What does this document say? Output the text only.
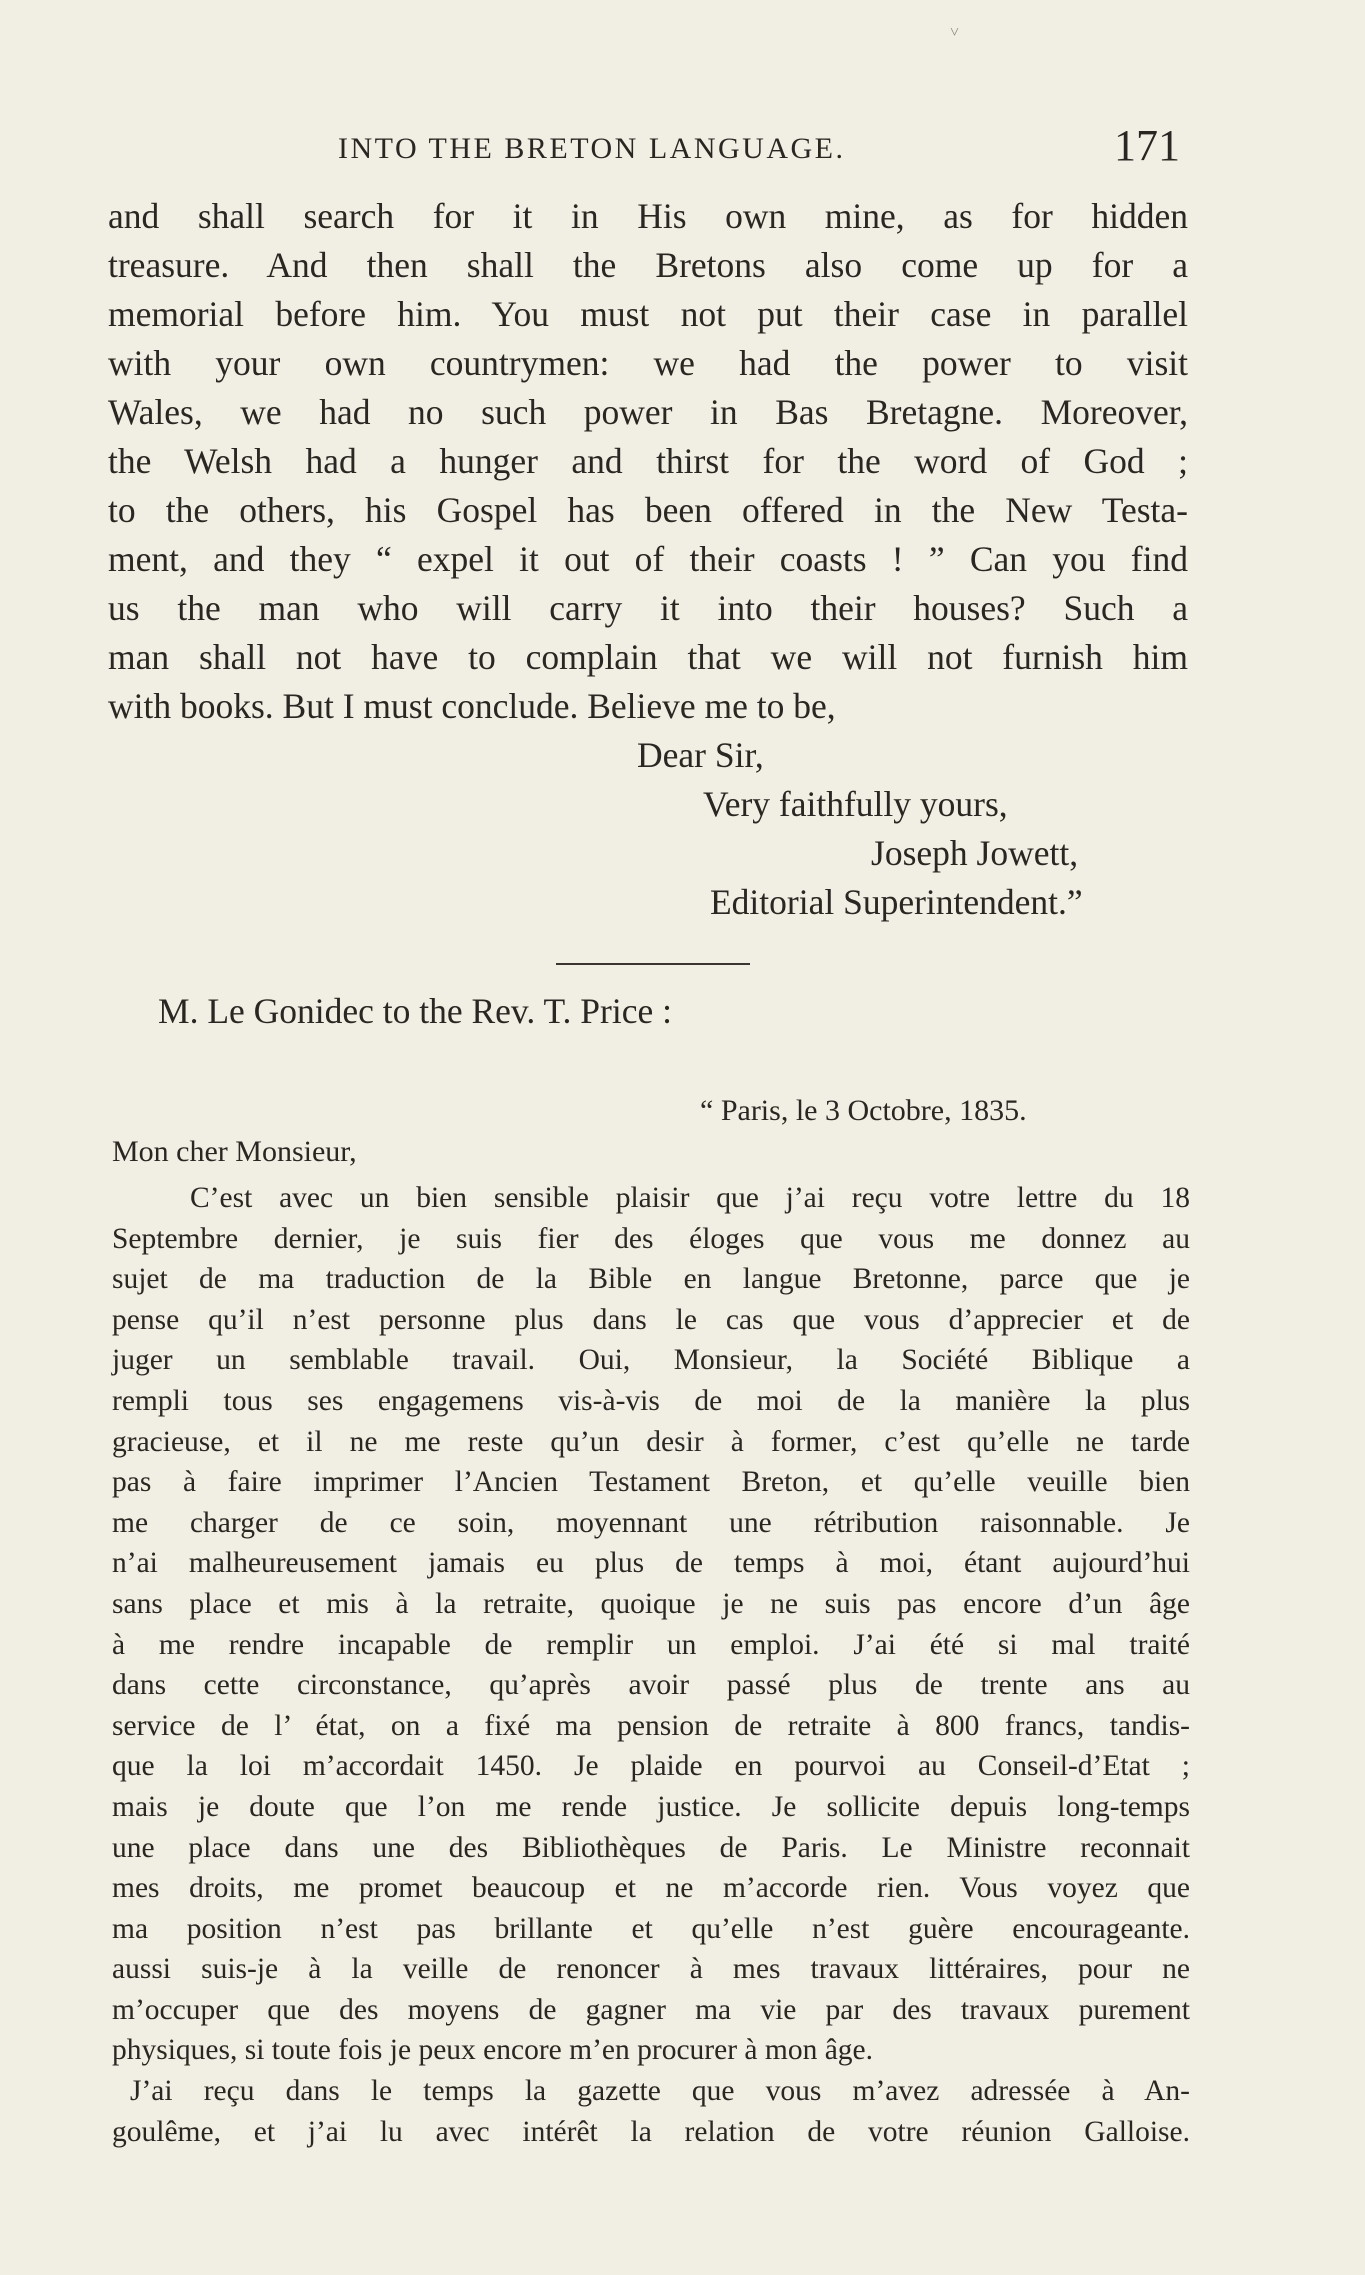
˅
INTO THE BRETON LANGUAGE.	171
and shall search for it in His own mine, as for hidden
treasure. And then shall the Bretons also come up for a
memorial before him. You must not put their case in parallel
with your own countrymen: we had the power to visit
Wales, we had no such power in Bas Bretagne. Moreover,
the Welsh had a hunger and thirst for the word of God ;
to the others, his Gospel has been offered in the New Testa-
ment, and they “ expel it out of their coasts ! ” Can you find
us the man who will carry it into their houses? Such a
man shall not have to complain that we will not furnish him
with books. But I must conclude. Believe me to be,
Dear Sir,
Very faithfully yours,
Joseph Jowett,
Editorial Superintendent.”
M. Le Gonidec to the Rev. T. Price :
“ Paris, le 3 Octobre, 1835.
Mon cher Monsieur,
C’est avec un bien sensible plaisir que j’ai reçu votre lettre du 18
Septembre dernier, je suis fier des éloges que vous me donnez au
sujet de ma traduction de la Bible en langue Bretonne, parce que je
pense qu’il n’est personne plus dans le cas que vous d’apprecier et de
juger un semblable travail. Oui, Monsieur, la Société Biblique a
rempli tous ses engagemens vis-à-vis de moi de la manière la plus
gracieuse, et il ne me reste qu’un desir à former, c’est qu’elle ne tarde
pas à faire imprimer l’Ancien Testament Breton, et qu’elle veuille bien
me charger de ce soin, moyennant une rétribution raisonnable. Je
n’ai malheureusement jamais eu plus de temps à moi, étant aujourd’hui
sans place et mis à la retraite, quoique je ne suis pas encore d’un âge
à me rendre incapable de remplir un emploi. J’ai été si mal traité
dans cette circonstance, qu’après avoir passé plus de trente ans au
service de l’ état, on a fixé ma pension de retraite à 800 francs, tandis-
que la loi m’accordait 1450. Je plaide en pourvoi au Conseil-d’Etat ;
mais je doute que l’on me rende justice. Je sollicite depuis long-temps
une place dans une des Bibliothèques de Paris. Le Ministre reconnait
mes droits, me promet beaucoup et ne m’accorde rien. Vous voyez que
ma position n’est pas brillante et qu’elle n’est guère encourageante.
aussi suis-je à la veille de renoncer à mes travaux littéraires, pour ne
m’occuper que des moyens de gagner ma vie par des travaux purement
physiques, si toute fois je peux encore m’en procurer à mon âge.
J’ai reçu dans le temps la gazette que vous m’avez adressée à An-
goulême, et j’ai lu avec intérêt la relation de votre réunion Galloise.
